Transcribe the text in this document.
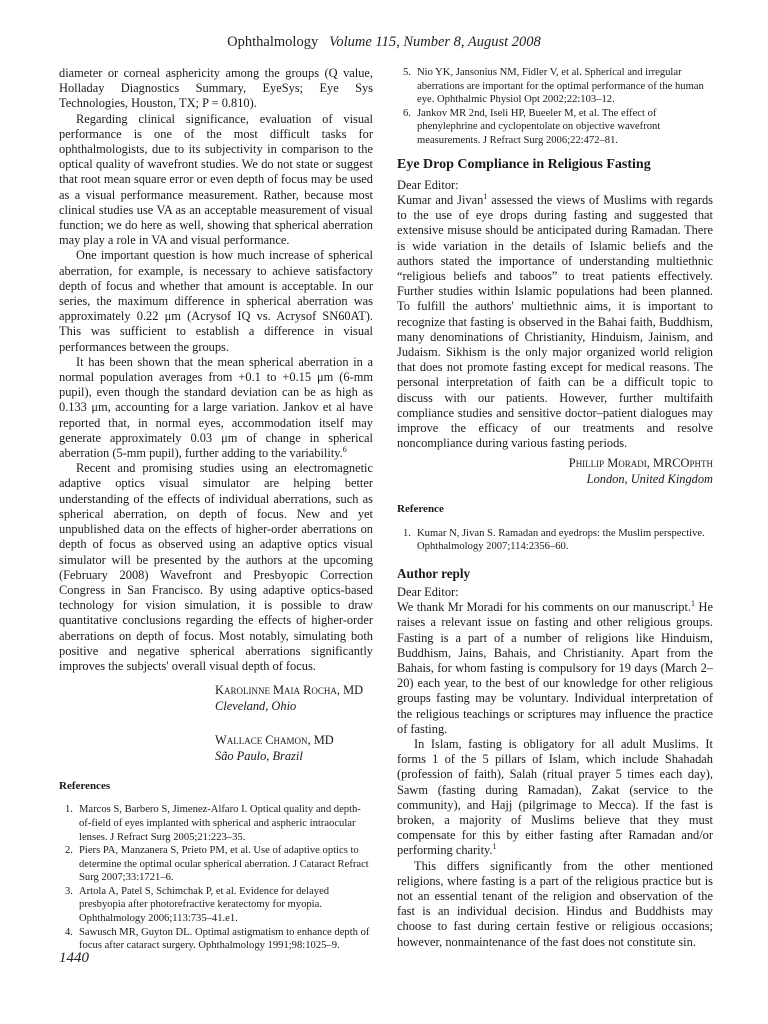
Ophthalmology Volume 115, Number 8, August 2008

diameter or corneal asphericity among the groups (Q value, Holladay Diagnostics Summary, EyeSys; Eye Sys Technologies, Houston, TX; P = 0.810).

Regarding clinical significance, evaluation of visual performance is one of the most difficult tasks for ophthalmologists, due to its subjectivity in comparison to the optical quality of wavefront studies. We do not state or suggest that root mean square error or even depth of focus may be used as a visual performance measurement. Rather, because most clinical studies use VA as an acceptable measurement of visual function; we do here as well, showing that spherical aberration may play a role in VA and visual performance.

One important question is how much increase of spherical aberration, for example, is necessary to achieve satisfactory depth of focus and whether that amount is acceptable. In our series, the maximum difference in spherical aberration was approximately 0.22 μm (Acrysof IQ vs. Acrysof SN60AT). This was sufficient to establish a difference in visual performances between the groups.

It has been shown that the mean spherical aberration in a normal population averages from +0.1 to +0.15 μm (6-mm pupil), even though the standard deviation can be as high as 0.133 μm, accounting for a large variation. Jankov et al have reported that, in normal eyes, accommodation itself may generate approximately 0.03 μm of change in spherical aberration (5-mm pupil), further adding to the variability.$^6$

Recent and promising studies using an electromagnetic adaptive optics visual simulator are helping better understanding of the effects of individual aberrations, such as spherical aberration, on depth of focus. New and yet unpublished data on the effects of higher-order aberrations on depth of focus as observed using an adaptive optics visual simulator will be presented by the authors at the upcoming (February 2008) Wavefront and Presbyopic Correction Congress in San Francisco. By using adaptive optics-based technology for vision simulation, it is possible to draw quantitative conclusions regarding the effects of higher-order aberrations on depth of focus. Most notably, simulating both positive and negative spherical aberrations significantly improves the subjects' overall visual depth of focus.

Karolinne Maia Rocha, MD
Cleveland, Ohio
Wallace Chamon, MD
São Paulo, Brazil
References
1. Marcos S, Barbero S, Jimenez-Alfaro I. Optical quality and depth-of-field of eyes implanted with spherical and aspheric intraocular lenses. J Refract Surg 2005;21:223–35.
2. Piers PA, Manzanera S, Prieto PM, et al. Use of adaptive optics to determine the optimal ocular spherical aberration. J Cataract Refract Surg 2007;33:1721–6.
3. Artola A, Patel S, Schimchak P, et al. Evidence for delayed presbyopia after photorefractive keratectomy for myopia. Ophthalmology 2006;113:735–41.e1.
4. Sawusch MR, Guyton DL. Optimal astigmatism to enhance depth of focus after cataract surgery. Ophthalmology 1991;98:1025–9.
5. Nio YK, Jansonius NM, Fidler V, et al. Spherical and irregular aberrations are important for the optimal performance of the human eye. Ophthalmic Physiol Opt 2002;22:103–12.
6. Jankov MR 2nd, Iseli HP, Bueeler M, et al. The effect of phenylephrine and cyclopentolate on objective wavefront measurements. J Refract Surg 2006;22:472–81.
Eye Drop Compliance in Religious Fasting

Dear Editor:

Kumar and Jivan$^1$ assessed the views of Muslims with regards to the use of eye drops during fasting and suggested that extensive misuse should be anticipated during Ramadan. There is wide variation in the details of Islamic beliefs and the authors stated the importance of understanding multiethnic “religious beliefs and taboos” to treat patients effectively. Further studies within Islamic populations had been planned. To fulfill the authors' multiethnic aims, it is important to recognize that fasting is observed in the Bahai faith, Buddhism, many denominations of Christianity, Hinduism, Jainism, and Judaism. Sikhism is the only major organized world religion that does not promote fasting except for medical reasons. The personal interpretation of faith can be a difficult topic to discuss with our patients. However, further multifaith compliance studies and sensitive doctor–patient dialogues may improve the efficacy of our treatments and resolve noncompliance during various fasting periods.

Phillip Moradi, MRCOphth
London, United Kingdom
Reference
1. Kumar N, Jivan S. Ramadan and eyedrops: the Muslim perspective. Ophthalmology 2007;114:2356–60.
Author reply

Dear Editor:

We thank Mr Moradi for his comments on our manuscript.$^1$ He raises a relevant issue on fasting and other religious groups. Fasting is a part of a number of religions like Hinduism, Buddhism, Jains, Bahais, and Christianity. Apart from the Bahais, for whom fasting is compulsory for 19 days (March 2–20) each year, to the best of our knowledge for other religious groups fasting may be voluntary. Individual interpretation of the religious teachings or scriptures may influence the practice of fasting.

In Islam, fasting is obligatory for all adult Muslims. It forms 1 of the 5 pillars of Islam, which include Shahadah (profession of faith), Salah (ritual prayer 5 times each day), Sawm (fasting during Ramadan), Zakat (service to the community), and Hajj (pilgrimage to Mecca). If the fast is broken, a majority of Muslims believe that they must compensate for this by either fasting after Ramadan and/or performing charity.$^1$

This differs significantly from the other mentioned religions, where fasting is a part of the religious practice but is not an essential tenant of the religion and observation of the fast is an individual decision. Hindus and Buddhists may choose to fast during certain festive or religious occasions; however, nonmaintenance of the fast does not constitute sin.

1440
